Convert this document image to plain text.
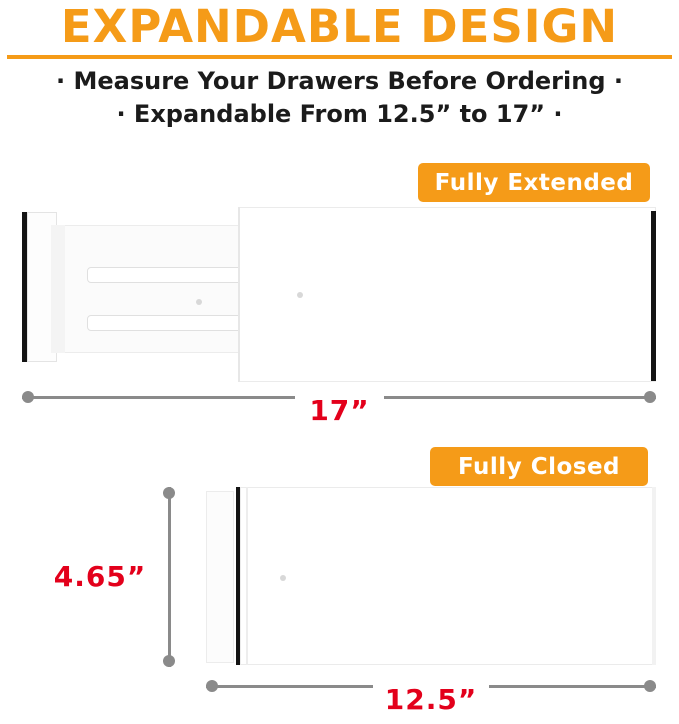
EXPANDABLE DESIGN
· Measure Your Drawers Before Ordering ·
· Expandable From 12.5” to 17” ·
Fully Extended
17”
Fully Closed
4.65”
12.5”
